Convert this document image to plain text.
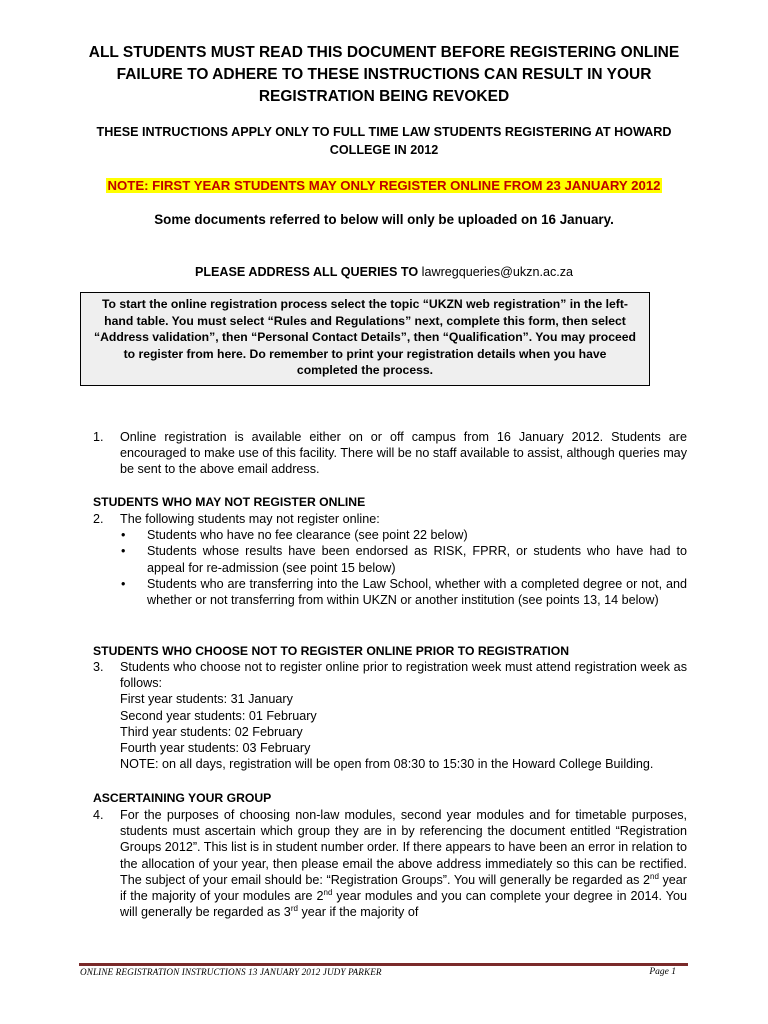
ALL STUDENTS MUST READ THIS DOCUMENT BEFORE REGISTERING ONLINE
FAILURE TO ADHERE TO THESE INSTRUCTIONS CAN RESULT IN YOUR
REGISTRATION BEING REVOKED
THESE INTRUCTIONS APPLY ONLY TO FULL TIME LAW STUDENTS REGISTERING AT HOWARD
COLLEGE IN 2012
NOTE: FIRST YEAR STUDENTS MAY ONLY REGISTER ONLINE FROM 23 JANUARY 2012
Some documents referred to below will only be uploaded on 16 January.
PLEASE ADDRESS ALL QUERIES TO lawregqueries@ukzn.ac.za
To start the online registration process select the topic “UKZN web registration” in the left-
hand table. You must select “Rules and Regulations” next, complete this form, then select
“Address validation”, then “Personal Contact Details”, then “Qualification”. You may proceed
to register from here. Do remember to print your registration details when you have
completed the process.
1.	Online registration is available either on or off campus from 16 January 2012. Students are encouraged to make use of this facility. There will be no staff available to assist, although queries may be sent to the above email address.
STUDENTS WHO MAY NOT REGISTER ONLINE
2.	The following students may not register online:
• Students who have no fee clearance (see point 22 below)
• Students whose results have been endorsed as RISK, FPRR, or students who have had to appeal for re-admission (see point 15 below)
• Students who are transferring into the Law School, whether with a completed degree or not, and whether or not transferring from within UKZN or another institution (see points 13, 14 below)
STUDENTS WHO CHOOSE NOT TO REGISTER ONLINE PRIOR TO REGISTRATION
3.	Students who choose not to register online prior to registration week must attend registration week as follows:
First year students: 31 January
Second year students: 01 February
Third year students: 02 February
Fourth year students: 03 February
NOTE: on all days, registration will be open from 08:30 to 15:30 in the Howard College Building.
ASCERTAINING YOUR GROUP
4.	For the purposes of choosing non-law modules, second year modules and for timetable purposes, students must ascertain which group they are in by referencing the document entitled “Registration Groups 2012”. This list is in student number order. If there appears to have been an error in relation to the allocation of your year, then please email the above address immediately so this can be rectified. The subject of your email should be: “Registration Groups”. You will generally be regarded as 2nd year if the majority of your modules are 2nd year modules and you can complete your degree in 2014. You will generally be regarded as 3rd year if the majority of
ONLINE REGISTRATION INSTRUCTIONS 13 JANUARY 2012 JUDY PARKER	Page 1
